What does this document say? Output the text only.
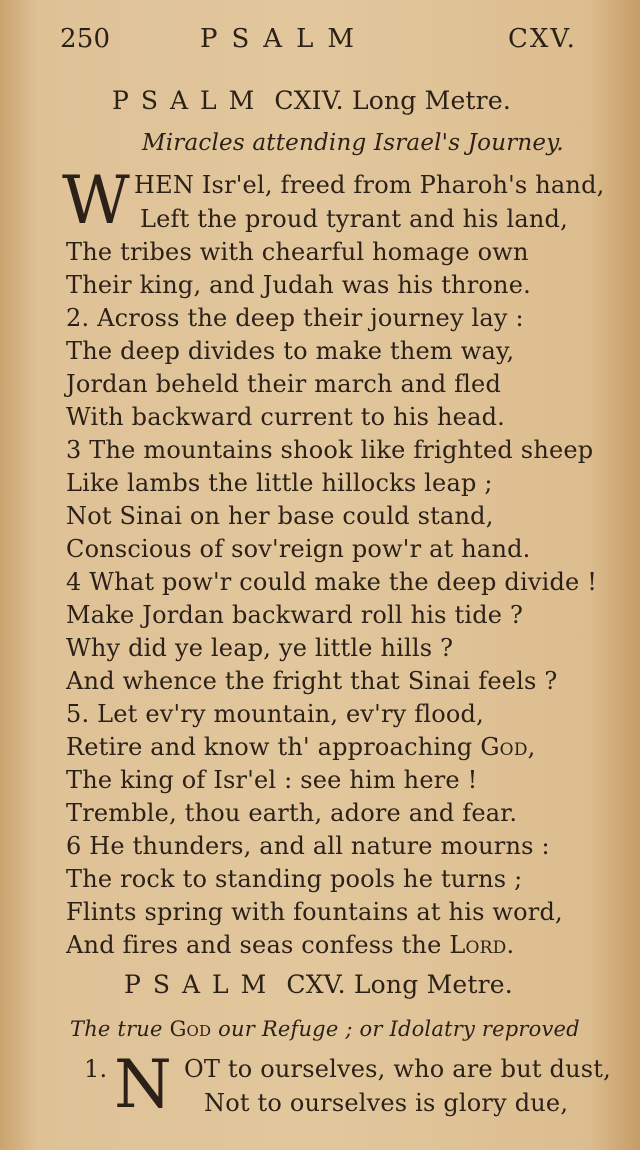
250	PSALM	CXV.
PSALM CXIV. Long Metre.
Miracles attending Israel's Journey.
W HEN Isr'el, freed from Pharoh's hand,
Left the proud tyrant and his land,
The tribes with chearful homage own
Their king, and Judah was his throne.
2. Across the deep their journey lay :
The deep divides to make them way,
Jordan beheld their march and fled
With backward current to his head.
3 The mountains shook like frighted sheep
Like lambs the little hillocks leap ;
Not Sinai on her base could stand,
Conscious of sov'reign pow'r at hand.
4 What pow'r could make the deep divide !
Make Jordan backward roll his tide ?
Why did ye leap, ye little hills ?
And whence the fright that Sinai feels ?
5. Let ev'ry mountain, ev'ry flood,
Retire and know th' approaching God,
The king of Isr'el : see him here !
Tremble, thou earth, adore and fear.
6 He thunders, and all nature mourns :
The rock to standing pools he turns ;
Flints spring with fountains at his word,
And fires and seas confess the Lord.
PSALM CXV. Long Metre.
The true God our Refuge ; or Idolatry reproved
1. N OT to ourselves, who are but dust,
Not to ourselves is glory due,
